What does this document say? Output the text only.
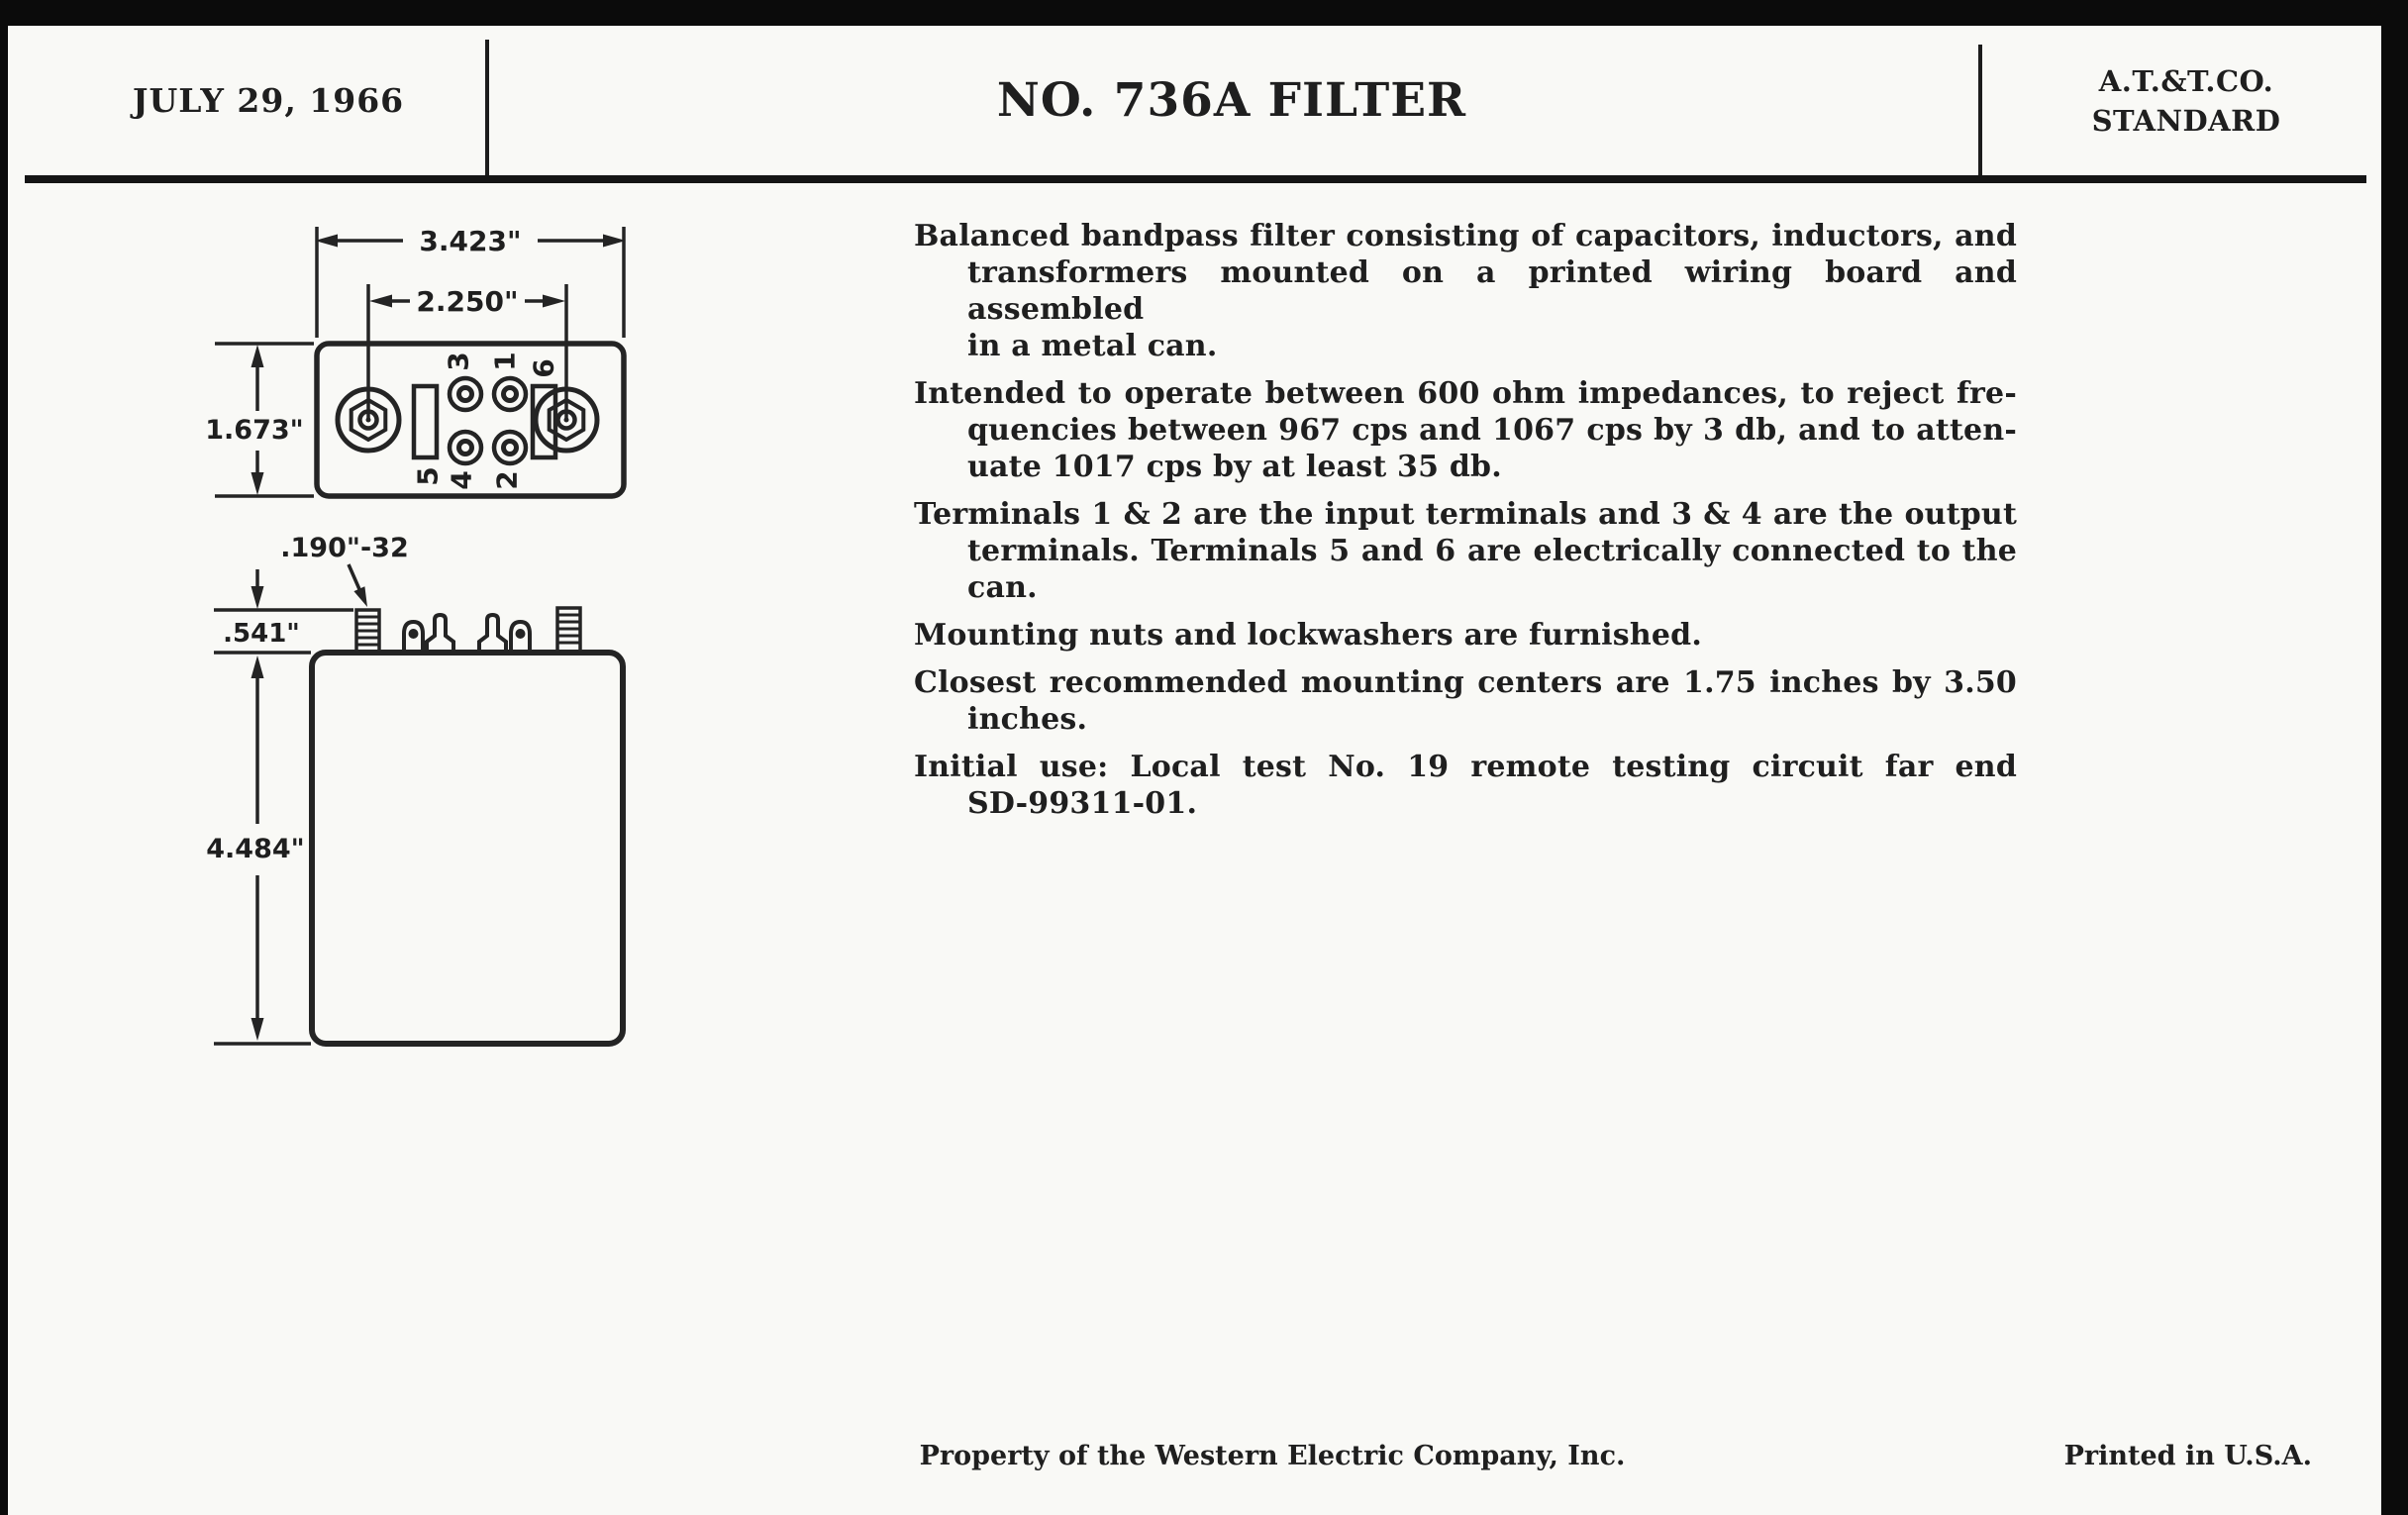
JULY 29, 1966	NO. 736A FILTER	A.T.&T.CO.
STANDARD
3.423"
2.250"
1.673"
3
5 4
1 6
2
.190"-32
.541"
4.484"
Balanced bandpass filter consisting of capacitors, inductors, and
transformers mounted on a printed wiring board and assembled
in a metal can.
Intended to operate between 600 ohm impedances, to reject fre-
quencies between 967 cps and 1067 cps by 3 db, and to atten-
uate 1017 cps by at least 35 db.
Terminals 1 & 2 are the input terminals and 3 & 4 are the output
terminals. Terminals 5 and 6 are electrically connected to the
can.
Mounting nuts and lockwashers are furnished.
Closest recommended mounting centers are 1.75 inches by 3.50
inches.
Initial use: Local test No. 19 remote testing circuit far end
SD-99311-01.
Property of the Western Electric Company, Inc.	Printed in U.S.A.
